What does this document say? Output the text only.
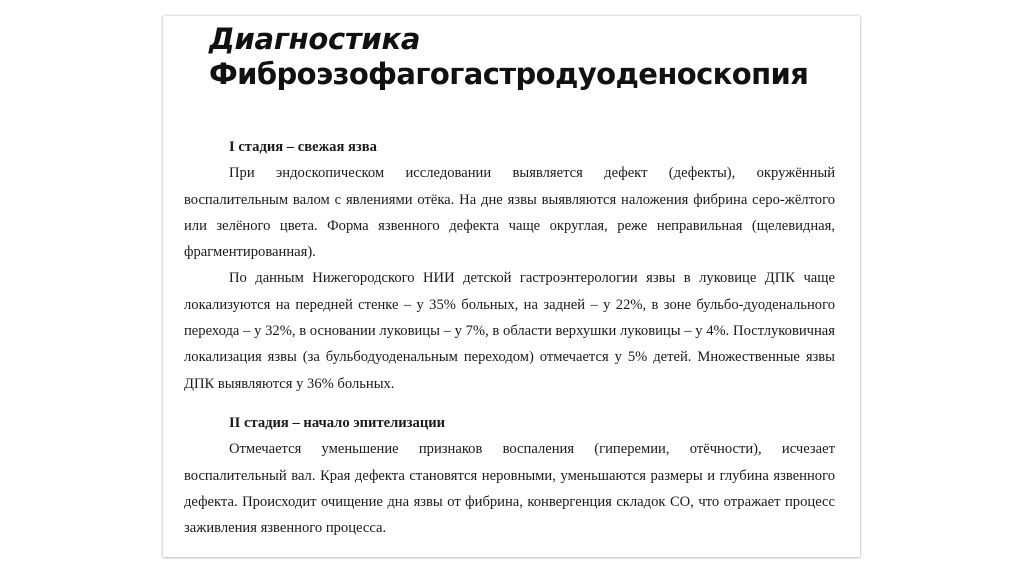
Диагностика
Фиброэзофагогастродуоденоскопия
I стадия – свежая язва

При эндоскопическом исследовании выявляется дефект (дефекты), окружённый воспалительным валом с явлениями отёка. На дне язвы выявляются наложения фибрина серо-жёлтого или зелёного цвета. Форма язвенного дефекта чаще округлая, реже неправильная (щелевидная, фрагментированная).

По данным Нижегородского НИИ детской гастроэнтерологии язвы в луковице ДПК чаще локализуются на передней стенке – у 35% больных, на задней – у 22%, в зоне бульбо-дуоденального перехода – у 32%, в основании луковицы – у 7%, в области верхушки луковицы – у 4%. Постлуковичная локализация язвы (за бульбодуоденальным переходом) отмечается у 5% детей. Множественные язвы ДПК выявляются у 36% больных.

II стадия – начало эпителизации

Отмечается уменьшение признаков воспаления (гиперемии, отёчности), исчезает воспалительный вал. Края дефекта становятся неровными, уменьшаются размеры и глубина язвенного дефекта. Происходит очищение дна язвы от фибрина, конвергенция складок СО, что отражает процесс заживления язвенного процесса.
